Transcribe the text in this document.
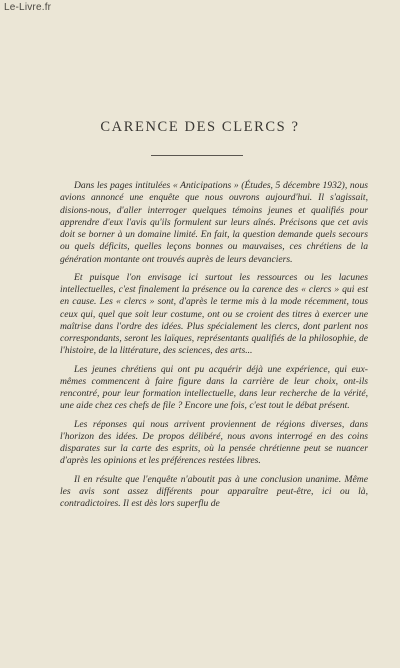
Le-Livre.fr
CARENCE DES CLERCS ?

Dans les pages intitulées « Anticipations » (Études, 5 décembre 1932), nous avions annoncé une enquête que nous ouvrons aujourd'hui. Il s'agissait, disions-nous, d'aller interroger quelques témoins jeunes et qualifiés pour apprendre d'eux l'avis qu'ils formulent sur leurs aînés. Précisons que cet avis doit se borner à un domaine limité. En fait, la question demande quels secours ou quels déficits, quelles leçons bonnes ou mauvaises, ces chrétiens de la génération montante ont trouvés auprès de leurs devanciers.

Et puisque l'on envisage ici surtout les ressources ou les lacunes intellectuelles, c'est finalement la présence ou la carence des « clercs » qui est en cause. Les « clercs » sont, d'après le terme mis à la mode récemment, tous ceux qui, quel que soit leur costume, ont ou se croient des titres à exercer une maîtrise dans l'ordre des idées. Plus spécialement les clercs, dont parlent nos correspondants, seront les laïques, représentants qualifiés de la philosophie, de l'histoire, de la littérature, des sciences, des arts...

Les jeunes chrétiens qui ont pu acquérir déjà une expérience, qui eux-mêmes commencent à faire figure dans la carrière de leur choix, ont-ils rencontré, pour leur formation intellectuelle, dans leur recherche de la vérité, une aide chez ces chefs de file ? Encore une fois, c'est tout le débat présent.

Les réponses qui nous arrivent proviennent de régions diverses, dans l'horizon des idées. De propos délibéré, nous avons interrogé en des coins disparates sur la carte des esprits, où la pensée chrétienne peut se nuancer d'après les opinions et les préférences restées libres.

Il en résulte que l'enquête n'aboutit pas à une conclusion unanime. Même les avis sont assez différents pour apparaître peut-être, ici ou là, contradictoires. Il est dès lors superflu de
